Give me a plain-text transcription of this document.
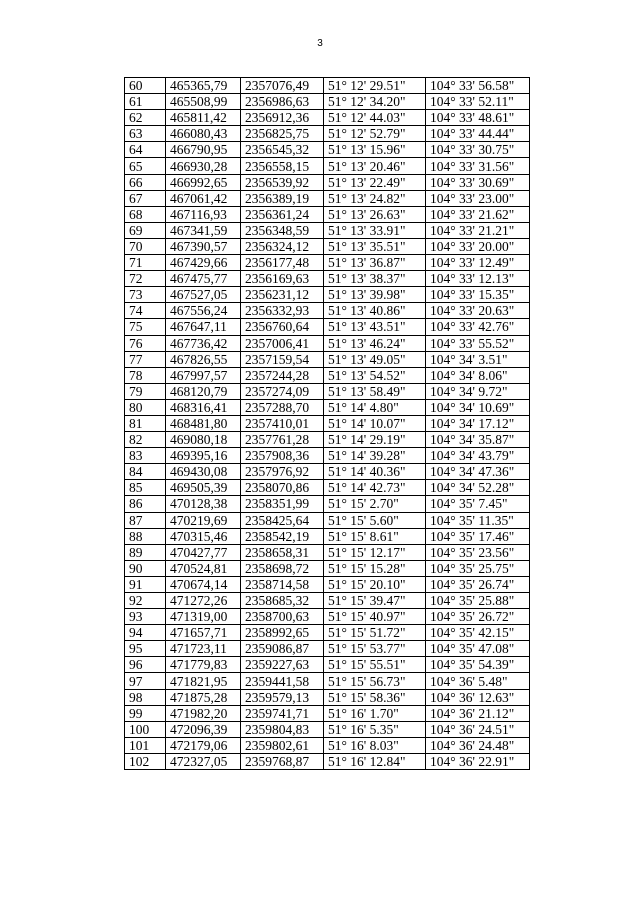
3
60	465365,79	2357076,49	51° 12' 29.51"	104° 33' 56.58"
61	465508,99	2356986,63	51° 12' 34.20"	104° 33' 52.11"
62	465811,42	2356912,36	51° 12' 44.03"	104° 33' 48.61"
63	466080,43	2356825,75	51° 12' 52.79"	104° 33' 44.44"
64	466790,95	2356545,32	51° 13' 15.96"	104° 33' 30.75"
65	466930,28	2356558,15	51° 13' 20.46"	104° 33' 31.56"
66	466992,65	2356539,92	51° 13' 22.49"	104° 33' 30.69"
67	467061,42	2356389,19	51° 13' 24.82"	104° 33' 23.00"
68	467116,93	2356361,24	51° 13' 26.63"	104° 33' 21.62"
69	467341,59	2356348,59	51° 13' 33.91"	104° 33' 21.21"
70	467390,57	2356324,12	51° 13' 35.51"	104° 33' 20.00"
71	467429,66	2356177,48	51° 13' 36.87"	104° 33' 12.49"
72	467475,77	2356169,63	51° 13' 38.37"	104° 33' 12.13"
73	467527,05	2356231,12	51° 13' 39.98"	104° 33' 15.35"
74	467556,24	2356332,93	51° 13' 40.86"	104° 33' 20.63"
75	467647,11	2356760,64	51° 13' 43.51"	104° 33' 42.76"
76	467736,42	2357006,41	51° 13' 46.24"	104° 33' 55.52"
77	467826,55	2357159,54	51° 13' 49.05"	104° 34' 3.51"
78	467997,57	2357244,28	51° 13' 54.52"	104° 34' 8.06"
79	468120,79	2357274,09	51° 13' 58.49"	104° 34' 9.72"
80	468316,41	2357288,70	51° 14' 4.80"	104° 34' 10.69"
81	468481,80	2357410,01	51° 14' 10.07"	104° 34' 17.12"
82	469080,18	2357761,28	51° 14' 29.19"	104° 34' 35.87"
83	469395,16	2357908,36	51° 14' 39.28"	104° 34' 43.79"
84	469430,08	2357976,92	51° 14' 40.36"	104° 34' 47.36"
85	469505,39	2358070,86	51° 14' 42.73"	104° 34' 52.28"
86	470128,38	2358351,99	51° 15' 2.70"	104° 35' 7.45"
87	470219,69	2358425,64	51° 15' 5.60"	104° 35' 11.35"
88	470315,46	2358542,19	51° 15' 8.61"	104° 35' 17.46"
89	470427,77	2358658,31	51° 15' 12.17"	104° 35' 23.56"
90	470524,81	2358698,72	51° 15' 15.28"	104° 35' 25.75"
91	470674,14	2358714,58	51° 15' 20.10"	104° 35' 26.74"
92	471272,26	2358685,32	51° 15' 39.47"	104° 35' 25.88"
93	471319,00	2358700,63	51° 15' 40.97"	104° 35' 26.72"
94	471657,71	2358992,65	51° 15' 51.72"	104° 35' 42.15"
95	471723,11	2359086,87	51° 15' 53.77"	104° 35' 47.08"
96	471779,83	2359227,63	51° 15' 55.51"	104° 35' 54.39"
97	471821,95	2359441,58	51° 15' 56.73"	104° 36' 5.48"
98	471875,28	2359579,13	51° 15' 58.36"	104° 36' 12.63"
99	471982,20	2359741,71	51° 16' 1.70"	104° 36' 21.12"
100	472096,39	2359804,83	51° 16' 5.35"	104° 36' 24.51"
101	472179,06	2359802,61	51° 16' 8.03"	104° 36' 24.48"
102	472327,05	2359768,87	51° 16' 12.84"	104° 36' 22.91"
